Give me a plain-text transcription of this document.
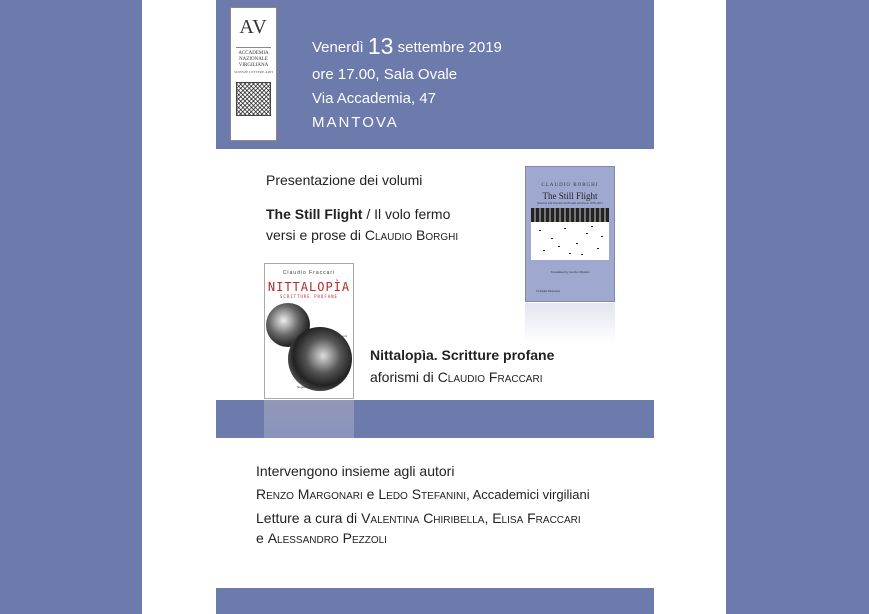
AV
ACCADEMIA
NAZIONALE
VIRGILIANA
SCIENZE LETTERE ARTI
Venerdì 13 settembre 2019
ore 17.00, Sala Ovale
Via Accademia, 47
MANTOVA
Presentazione dei volumi
The Still Flight / Il volo fermo
versi e prose di Claudio Borghi
CLAUDIO BORGHI
The Still Flight
Selected and Uncollected Poems and Prose 1978–2017
Translated by Gordon Bustan
Il Cartiglio Mantovano
Claudio Fraccari
NITTALOPÌA
SCRITTURE PROFANE
aforismi
Negretto Editore
Nittalopìa. Scritture profane
aforismi di Claudio Fraccari
Intervengono insieme agli autori
Renzo Margonari e Ledo Stefanini, Accademici virgiliani
Letture a cura di Valentina Chiribella, Elisa Fraccari
e Alessandro Pezzoli
